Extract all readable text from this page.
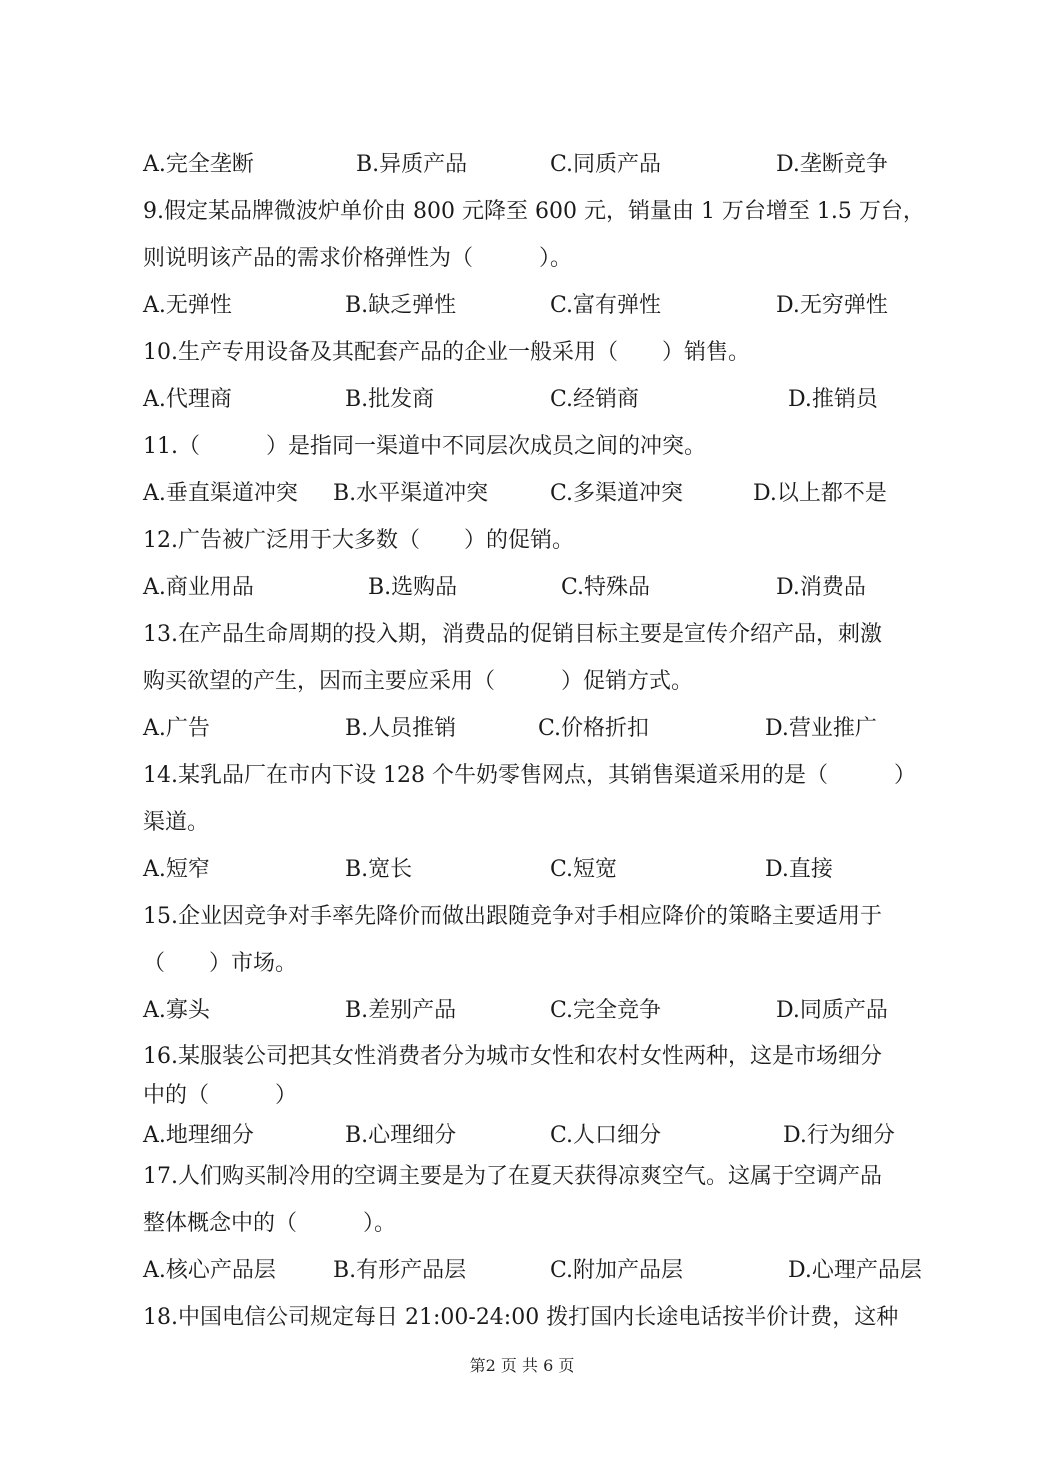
A.完全垄断	B.异质产品	C.同质产品	D.垄断竞争
9.假定某品牌微波炉单价由 800 元降至 600 元，销量由 1 万台增至 1.5 万台，
则说明该产品的需求价格弹性为（　　　）。
A.无弹性	B.缺乏弹性	C.富有弹性	D.无穷弹性
10.生产专用设备及其配套产品的企业一般采用（　　）销售。
A.代理商	B.批发商	C.经销商	D.推销员
11.（　　　）是指同一渠道中不同层次成员之间的冲突。
A.垂直渠道冲突 B.水平渠道冲突	C.多渠道冲突	D.以上都不是
12.广告被广泛用于大多数（　　）的促销。
A.商业用品	B.选购品	C.特殊品	D.消费品
13.在产品生命周期的投入期，消费品的促销目标主要是宣传介绍产品，刺激
购买欲望的产生，因而主要应采用（　　　）促销方式。
A.广告	B.人员推销	C.价格折扣	D.营业推广
14.某乳品厂在市内下设 128 个牛奶零售网点，其销售渠道采用的是（　　　）
渠道。
A.短窄	B.宽长	C.短宽	D.直接
15.企业因竞争对手率先降价而做出跟随竞争对手相应降价的策略主要适用于
（　　）市场。
A.寡头	B.差别产品	C.完全竞争	D.同质产品
16.某服装公司把其女性消费者分为城市女性和农村女性两种，这是市场细分
中的（　　　）
A.地理细分	B.心理细分	C.人口细分	D.行为细分
17.人们购买制冷用的空调主要是为了在夏天获得凉爽空气。这属于空调产品
整体概念中的（　　　）。
A.核心产品层	B.有形产品层	C.附加产品层	D.心理产品层
18.中国电信公司规定每日 21:00-24:00 拨打国内长途电话按半价计费，这种
第2 页 共 6 页
